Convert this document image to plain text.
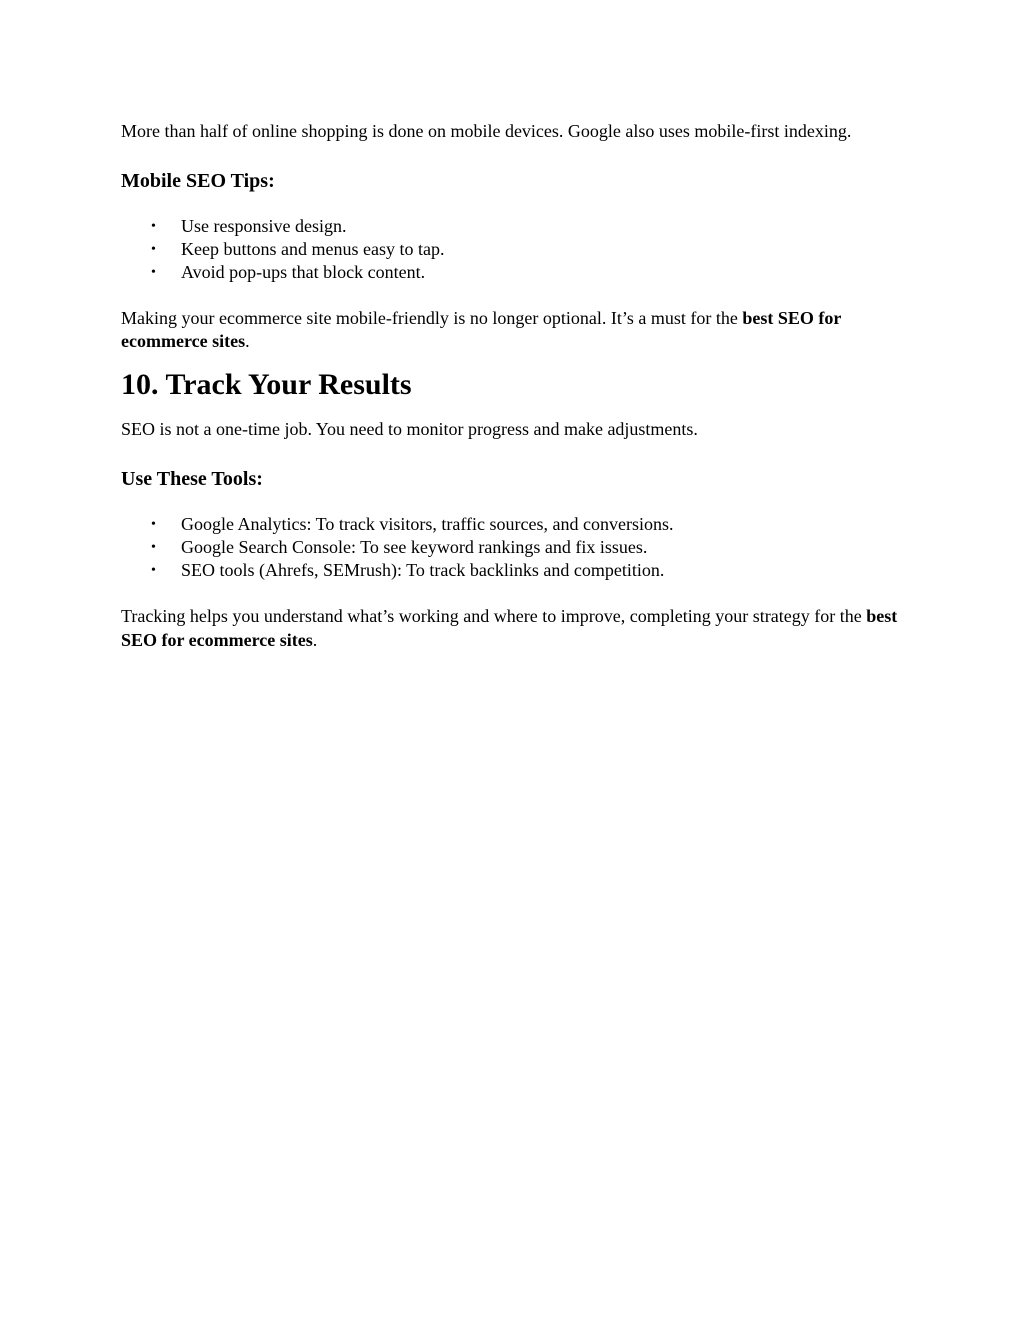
More than half of online shopping is done on mobile devices. Google also uses mobile-first indexing.

Mobile SEO Tips:
• Use responsive design.
• Keep buttons and menus easy to tap.
• Avoid pop-ups that block content.

Making your ecommerce site mobile-friendly is no longer optional. It’s a must for the best SEO for ecommerce sites.

10. Track Your Results

SEO is not a one-time job. You need to monitor progress and make adjustments.

Use These Tools:
• Google Analytics: To track visitors, traffic sources, and conversions.
• Google Search Console: To see keyword rankings and fix issues.
• SEO tools (Ahrefs, SEMrush): To track backlinks and competition.

Tracking helps you understand what’s working and where to improve, completing your strategy for the best SEO for ecommerce sites.
